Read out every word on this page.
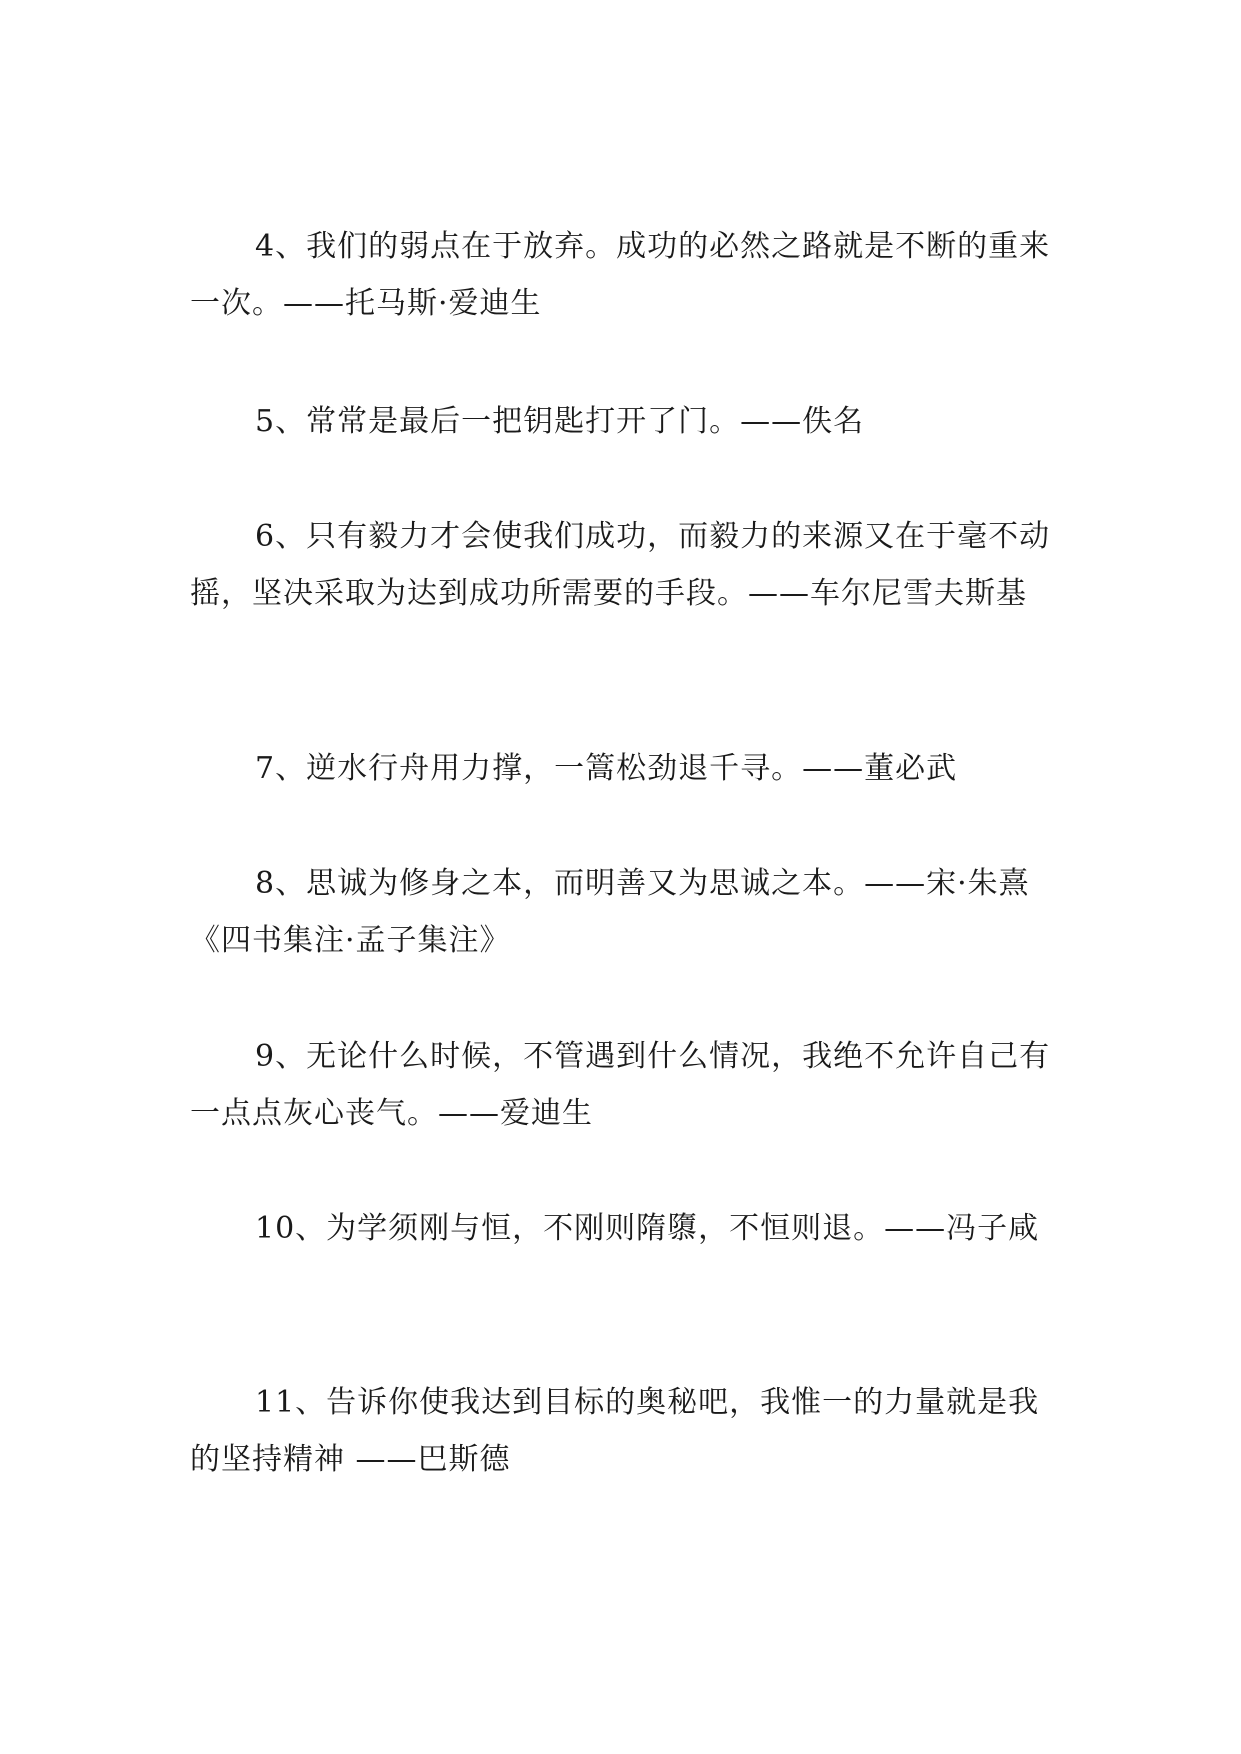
4、我们的弱点在于放弃。成功的必然之路就是不断的重来一次。——托马斯·爱迪生

5、常常是最后一把钥匙打开了门。——佚名

6、只有毅力才会使我们成功，而毅力的来源又在于毫不动摇，坚决采取为达到成功所需要的手段。——车尔尼雪夫斯基

7、逆水行舟用力撑，一篙松劲退千寻。——董必武

8、思诚为修身之本，而明善又为思诚之本。——宋·朱熹《四书集注·孟子集注》

9、无论什么时候，不管遇到什么情况，我绝不允许自己有一点点灰心丧气。——爱迪生

10、为学须刚与恒，不刚则隋隳，不恒则退。——冯子咸

11、告诉你使我达到目标的奥秘吧，我惟一的力量就是我的坚持精神 ——巴斯德
